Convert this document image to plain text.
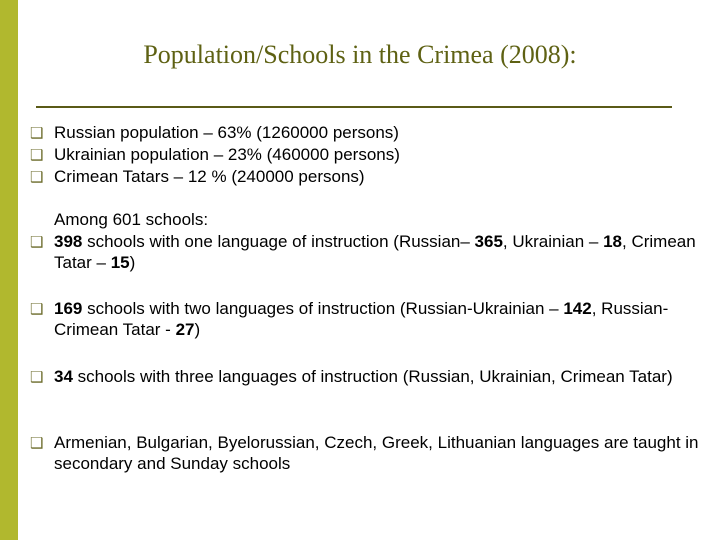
Population/Schools in the Crimea (2008):
❑ Russian population – 63% (1260000 persons)
❑ Ukrainian population – 23% (460000 persons)
❑ Crimean Tatars – 12 % (240000 persons)
Among 601 schools:
❑ 398 schools with one language of instruction (Russian– 365, Ukrainian – 18, Crimean Tatar – 15)
❑ 169 schools with two languages of instruction (Russian-Ukrainian – 142, Russian-Crimean Tatar - 27)
❑ 34 schools with three languages of instruction (Russian, Ukrainian, Crimean Tatar)
❑ Armenian, Bulgarian, Byelorussian, Czech, Greek, Lithuanian languages are taught in secondary and Sunday schools
